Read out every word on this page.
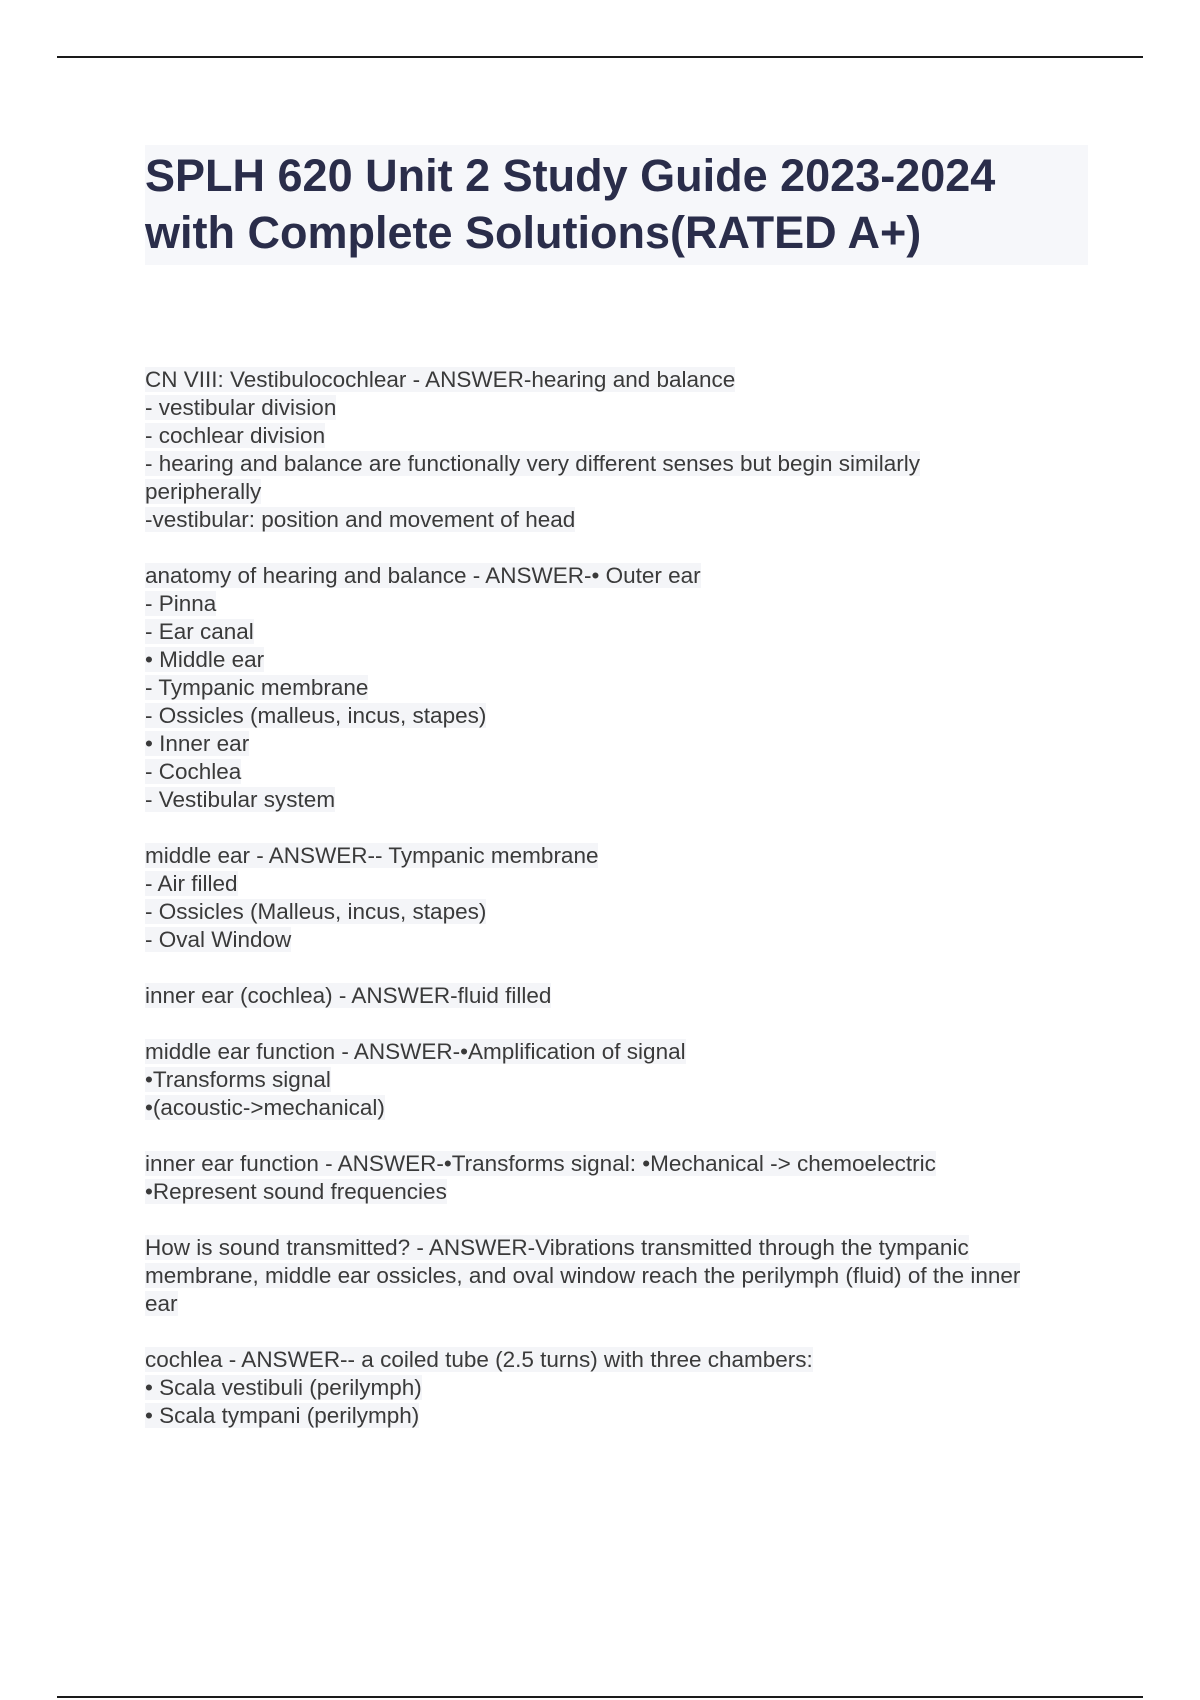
SPLH 620 Unit 2 Study Guide 2023-2024 with Complete Solutions(RATED A+)
CN VIII: Vestibulocochlear - ANSWER-hearing and balance
- vestibular division
- cochlear division
- hearing and balance are functionally very different senses but begin similarly
peripherally
-vestibular: position and movement of head
anatomy of hearing and balance - ANSWER-• Outer ear
- Pinna
- Ear canal
• Middle ear
- Tympanic membrane
- Ossicles (malleus, incus, stapes)
• Inner ear
- Cochlea
- Vestibular system
middle ear - ANSWER-- Tympanic membrane
- Air filled
- Ossicles (Malleus, incus, stapes)
- Oval Window
inner ear (cochlea) - ANSWER-fluid filled
middle ear function - ANSWER-•Amplification of signal
•Transforms signal
•(acoustic->mechanical)
inner ear function - ANSWER-•Transforms signal: •Mechanical -> chemoelectric
•Represent sound frequencies
How is sound transmitted? - ANSWER-Vibrations transmitted through the tympanic
membrane, middle ear ossicles, and oval window reach the perilymph (fluid) of the inner
ear
cochlea - ANSWER-- a coiled tube (2.5 turns) with three chambers:
• Scala vestibuli (perilymph)
• Scala tympani (perilymph)
